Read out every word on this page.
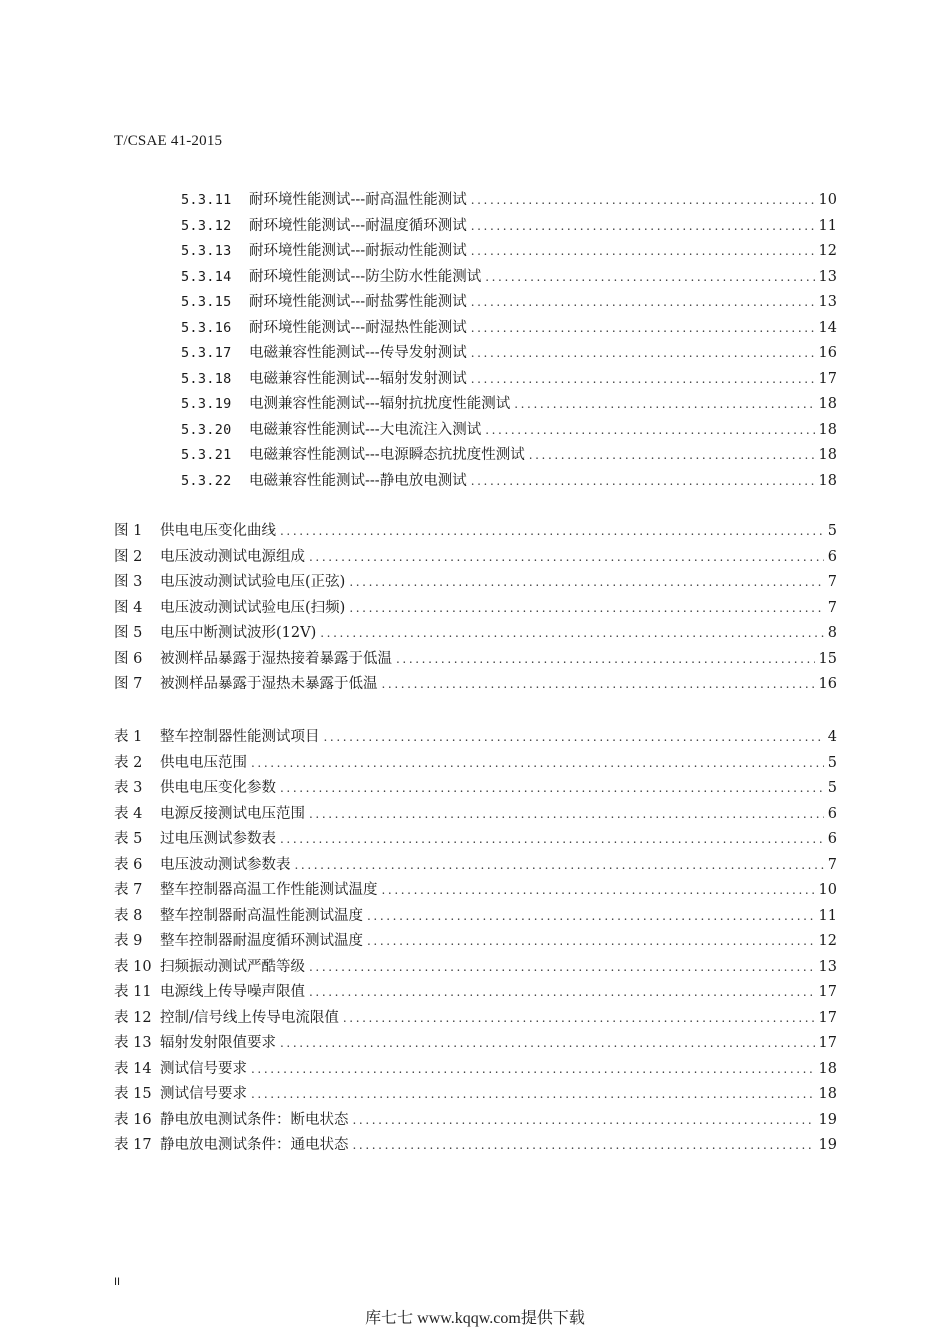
T/CSAE 41-2015
5.3.11	耐环境性能测试---耐高温性能测试 .....	10
5.3.12	耐环境性能测试---耐温度循环测试 .....	11
5.3.13	耐环境性能测试---耐振动性能测试 .....	12
5.3.14	耐环境性能测试---防尘防水性能测试 .....	13
5.3.15	耐环境性能测试---耐盐雾性能测试 .....	13
5.3.16	耐环境性能测试---耐湿热性能测试 .....	14
5.3.17	电磁兼容性能测试---传导发射测试 .....	16
5.3.18	电磁兼容性能测试---辐射发射测试 .....	17
5.3.19	电测兼容性能测试---辐射抗扰度性能测试 .....	18
5.3.20	电磁兼容性能测试---大电流注入测试 .....	18
5.3.21	电磁兼容性能测试---电源瞬态抗扰度性测试 .....	18
5.3.22	电磁兼容性能测试---静电放电测试 .....	18
图 1	供电电压变化曲线 .....	5
图 2	电压波动测试电源组成 .....	6
图 3	电压波动测试试验电压(正弦) .....	7
图 4	电压波动测试试验电压(扫频) .....	7
图 5	电压中断测试波形(12V) .....	8
图 6	被测样品暴露于湿热接着暴露于低温 .....	15
图 7	被测样品暴露于湿热未暴露于低温 .....	16
表 1	整车控制器性能测试项目 .....	4
表 2	供电电压范围 .....	5
表 3	供电电压变化参数 .....	5
表 4	电源反接测试电压范围 .....	6
表 5	过电压测试参数表 .....	6
表 6	电压波动测试参数表 .....	7
表 7	整车控制器高温工作性能测试温度 .....	10
表 8	整车控制器耐高温性能测试温度 .....	11
表 9	整车控制器耐温度循环测试温度 .....	12
表 10 扫频振动测试严酷等级 .....	13
表 11 电源线上传导噪声限值 .....	17
表 12 控制/信号线上传导电流限值 .....	17
表 13 辐射发射限值要求 .....	17
表 14 测试信号要求 .....	18
表 15 测试信号要求 .....	18
表 16 静电放电测试条件：断电状态 .....	19
表 17 静电放电测试条件：通电状态 .....	19
II
库七七 www.kqqw.com提供下载
